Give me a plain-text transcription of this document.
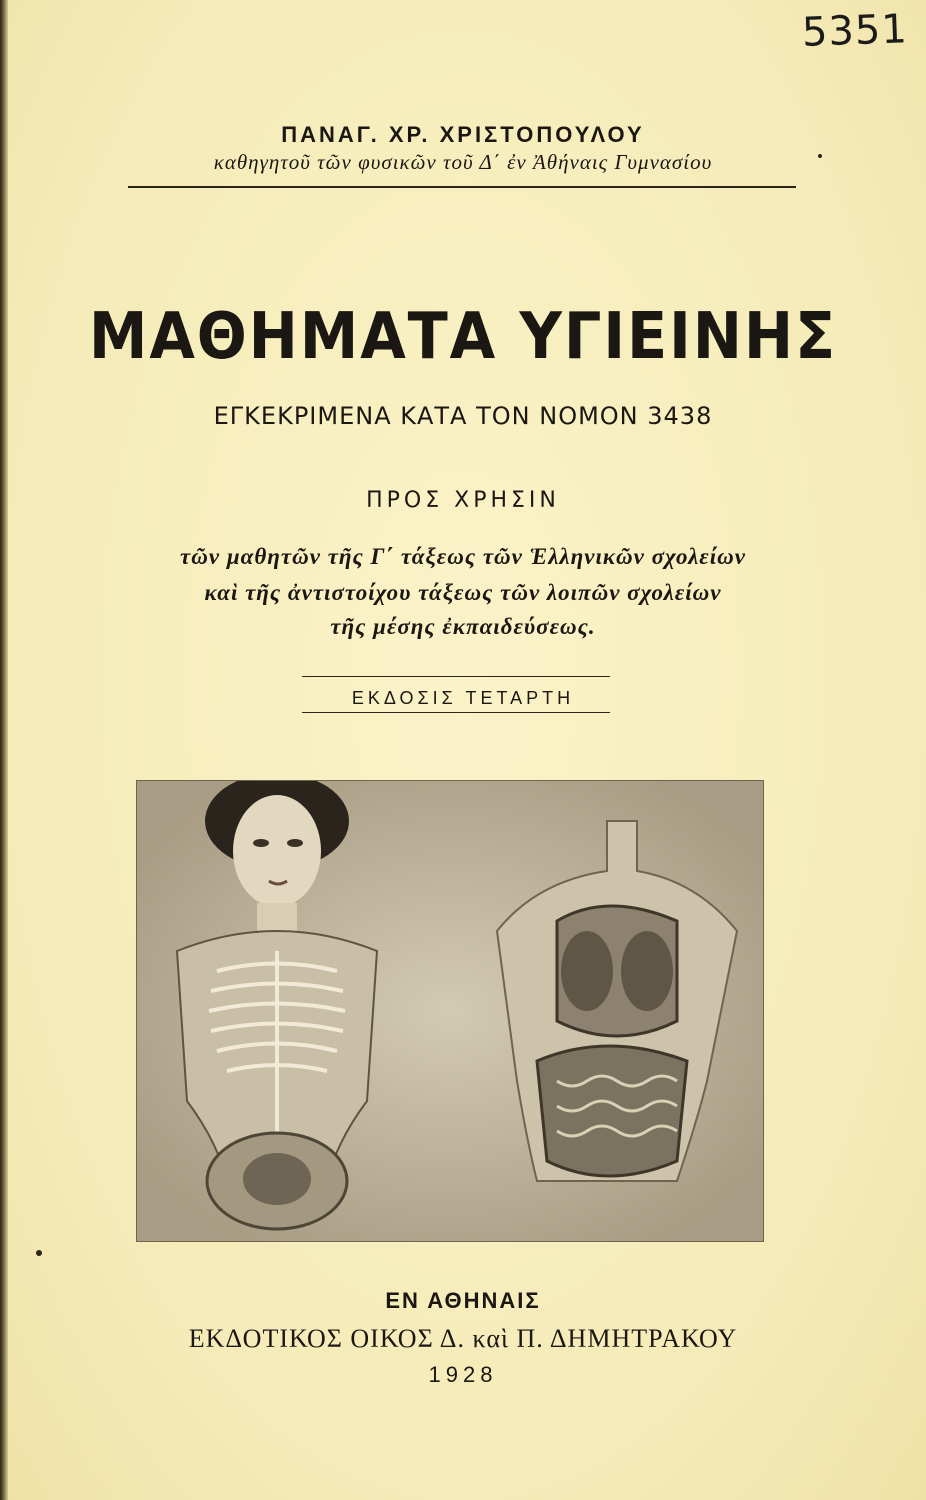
5351
ΠΑΝΑΓ. ΧΡ. ΧΡΙΣΤΟΠΟΥΛΟΥ
καθηγητοῦ τῶν φυσικῶν τοῦ Δ΄ ἐν Ἀθήναις Γυμνασίου
ΜΑΘΗΜΑΤΑ ΥΓΙΕΙΝΗΣ
ΕΓΚΕΚΡΙΜΕΝΑ ΚΑΤΑ ΤΟΝ ΝΟΜΟΝ 3438
ΠΡΟΣ ΧΡΗΣΙΝ
τῶν μαθητῶν τῆς Γ΄ τάξεως τῶν Ἑλληνικῶν σχολείων
καὶ τῆς ἀντιστοίχου τάξεως τῶν λοιπῶν σχολείων
τῆς μέσης ἐκπαιδεύσεως.
ΕΚΔΟΣΙΣ ΤΕΤΑΡΤΗ
ΕΝ ΑΘΗΝΑΙΣ
ΕΚΔΟΤΙΚΟΣ ΟΙΚΟΣ Δ. καὶ Π. ΔΗΜΗΤΡΑΚΟΥ
1928
